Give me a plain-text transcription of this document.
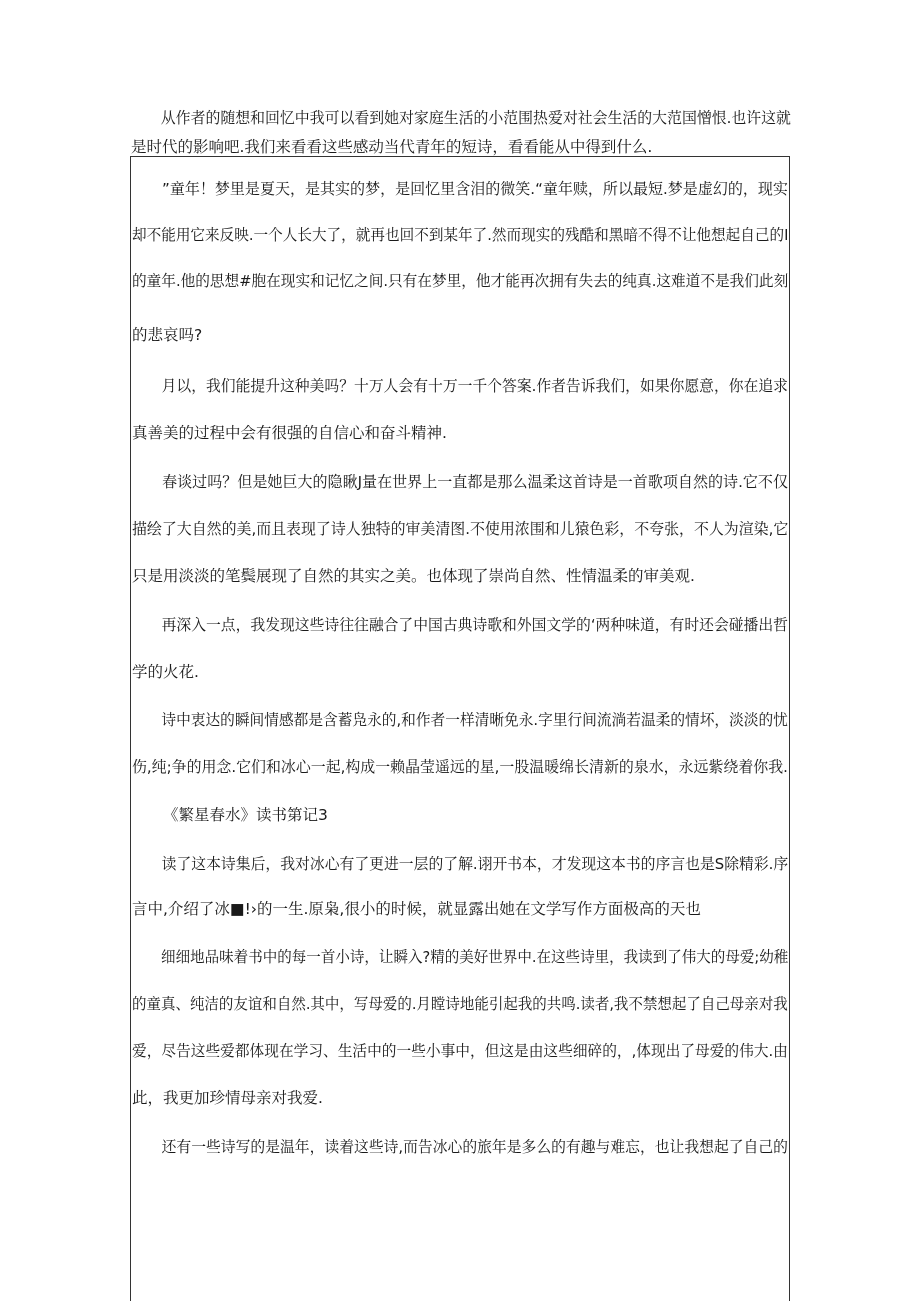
从作者的随想和回忆中我可以看到她对家庭生活的小范围热爱对社会生活的大范国憎恨.也许这就
是时代的影响吧.我们来看看这些感动当代青年的短诗，看看能从中得到什么.
”童年！梦里是夏天，是其实的梦，是回忆里含泪的微笑.“童年赎，所以最短.梦是虚幻的，现实
却不能用它来反映.一个人长大了，就再也回不到某年了.然而现实的残酷和黑暗不得不让他想起自己的I
的童年.他的思想#胞在现实和记忆之间.只有在梦里，他才能再次拥有失去的纯真.这难道不是我们此刻
的悲哀吗?
月以，我们能提升这种美吗？十万人会有十万一千个答案.作者告诉我们，如果你愿意，你在追求
真善美的过程中会有很强的自信心和奋斗精神.
春谈过吗？但是她巨大的隐瞅J量在世界上一直都是那么温柔这首诗是一首歌项自然的诗.它不仅
描绘了大自然的美,而且表现了诗人独特的审美清图.不使用浓围和儿猿色彩，不夸张，不人为渲染,它
只是用淡淡的笔鬓展现了自然的其实之美。也体现了崇尚自然、性情温柔的审美观.
再深入一点，我发现这些诗往往融合了中国古典诗歌和外国文学的‘两种味道，有时还会碰播出哲
学的火花.
诗中衷达的瞬间情感都是含蓄凫永的,和作者一样清晰免永.字里行间流淌若温柔的情坏，淡淡的忧
伤,纯;争的用念.它们和冰心一起,构成一赖晶莹遥远的星,一股温暖绵长清新的泉水，永远紫绕着你我.
《繁星春水》读书第记3
读了这本诗集后，我对冰心有了更进一层的了解.诩开书本，才发现这本书的序言也是S除精彩.序
言中,介绍了冰■!›的一生.原枭,很小的时候，就显露出她在文学写作方面极高的天也
细细地品味着书中的每一首小诗，让瞬入?精的美好世界中.在这些诗里，我读到了伟大的母爱;幼稚
的童真、纯洁的友谊和自然.其中，写母爱的.月瞠诗地能引起我的共鸣.读者,我不禁想起了自己母亲对我
爱，尽告这些爱都体现在学习、生活中的一些小事中，但这是由这些细碎的，,体现出了母爱的伟大.由
此，我更加珍情母亲对我爱.
还有一些诗写的是温年，读着这些诗,而告冰心的旅年是多么的有趣与难忘，也让我想起了自己的
